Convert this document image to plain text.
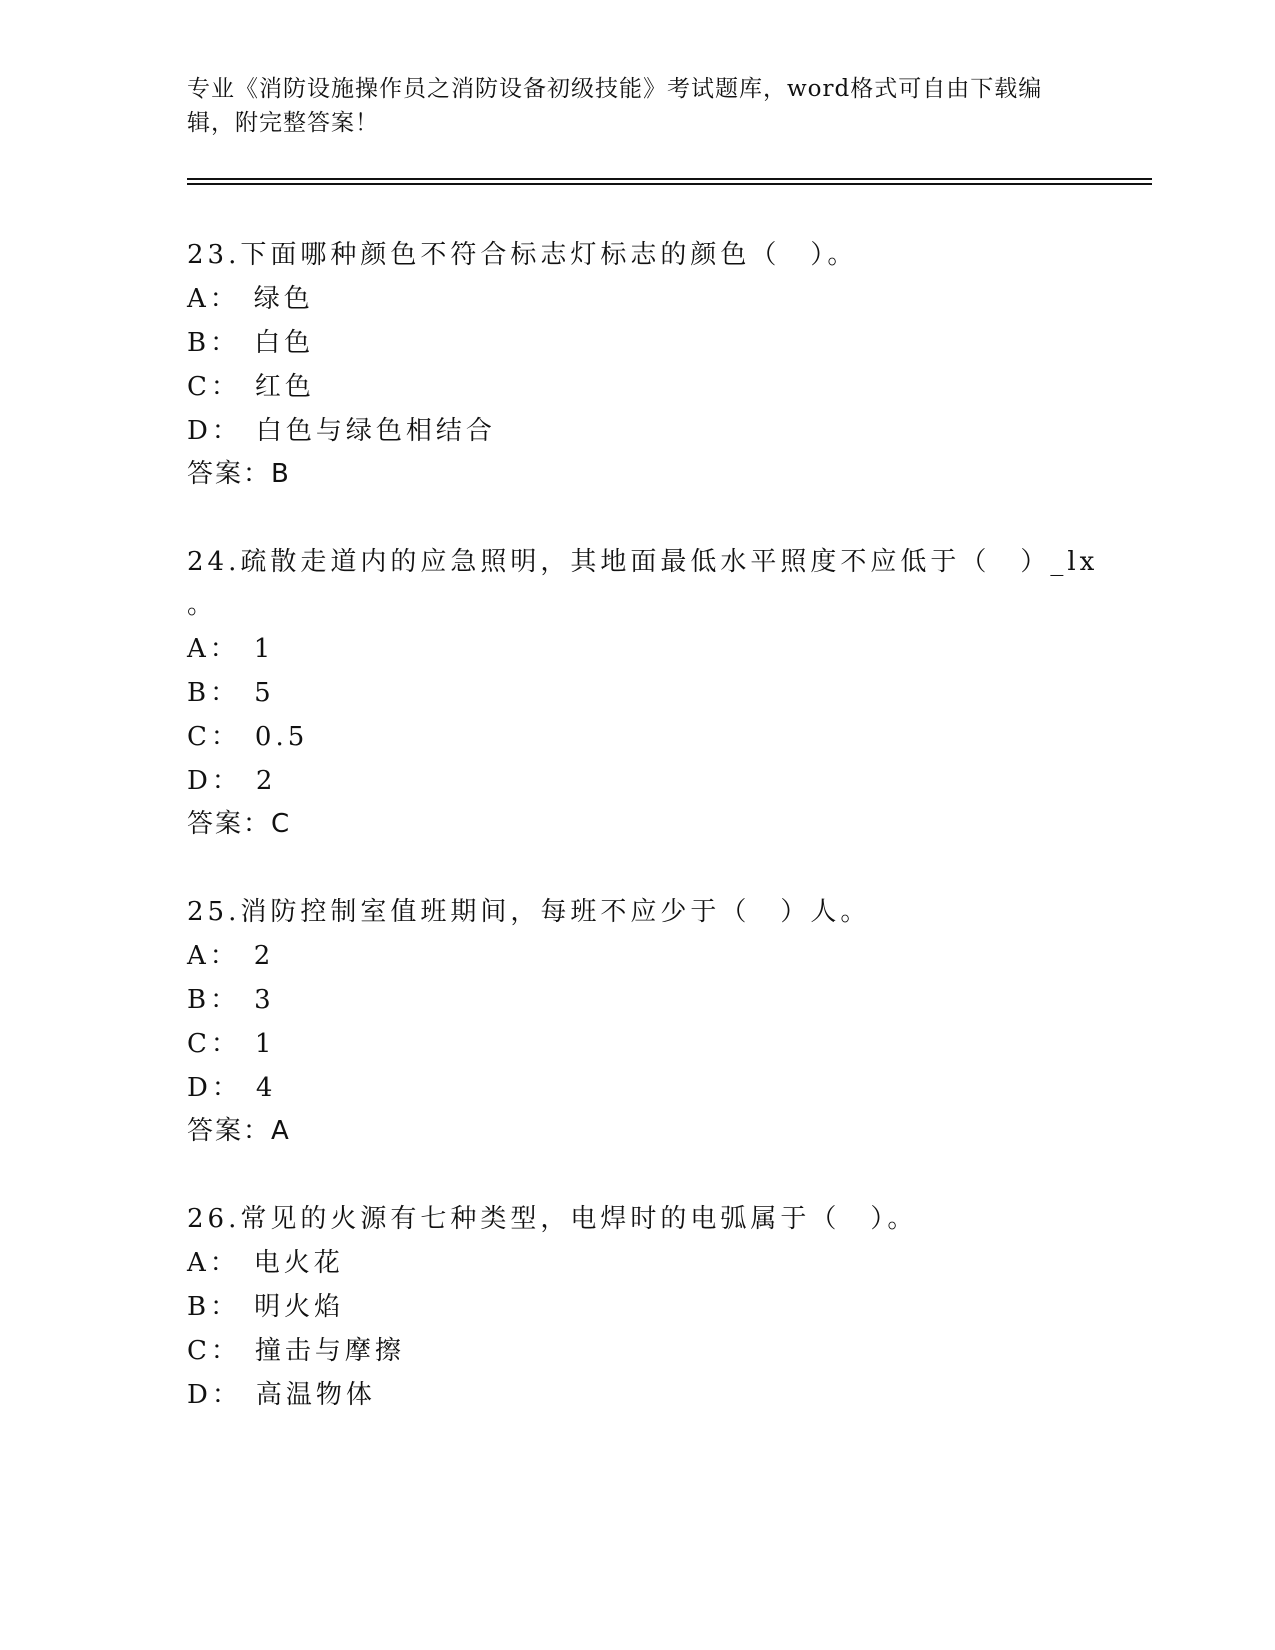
专业《消防设施操作员之消防设备初级技能》考试题库，word格式可自由下载编辑，附完整答案！
23.下面哪种颜色不符合标志灯标志的颜色（　）。
A： 绿色
B： 白色
C： 红色
D： 白色与绿色相结合
答案：B
24.疏散走道内的应急照明，其地面最低水平照度不应低于（　）_lx
。
A： 1
B： 5
C： 0.5
D： 2
答案：C
25.消防控制室值班期间，每班不应少于（　）人。
A： 2
B： 3
C： 1
D： 4
答案：A
26.常见的火源有七种类型，电焊时的电弧属于（　）。
A： 电火花
B： 明火焰
C： 撞击与摩擦
D： 高温物体
